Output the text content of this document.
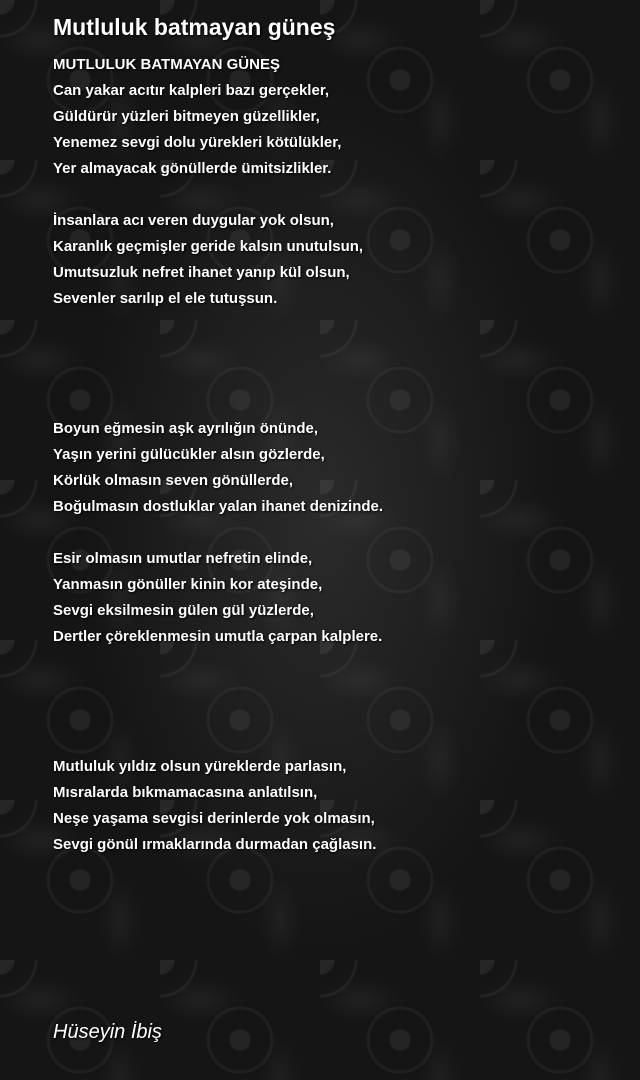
Mutluluk batmayan güneş
MUTLULUK BATMAYAN GÜNEŞ
Can yakar acıtır kalpleri bazı gerçekler,
Güldürür yüzleri bitmeyen güzellikler,
Yenemez sevgi dolu yürekleri kötülükler,
Yer almayacak gönüllerde ümitsizlikler.
İnsanlara acı veren duygular yok olsun,
Karanlık geçmişler geride kalsın unutulsun,
Umutsuzluk nefret ihanet yanıp kül olsun,
Sevenler sarılıp el ele tutuşsun.
Boyun eğmesin aşk ayrılığın önünde,
Yaşın yerini gülücükler alsın gözlerde,
Körlük olmasın seven gönüllerde,
Boğulmasın dostluklar yalan ihanet denizinde.
Esir olmasın umutlar nefretin elinde,
Yanmasın gönüller kinin kor ateşinde,
Sevgi eksilmesin gülen gül yüzlerde,
Dertler çöreklenmesin umutla çarpan kalplere.
Mutluluk yıldız olsun yüreklerde parlasın,
Mısralarda bıkmamacasına anlatılsın,
Neşe yaşama sevgisi derinlerde yok olmasın,
Sevgi gönül ırmaklarında durmadan çağlasın.
Hüseyin İbiş
